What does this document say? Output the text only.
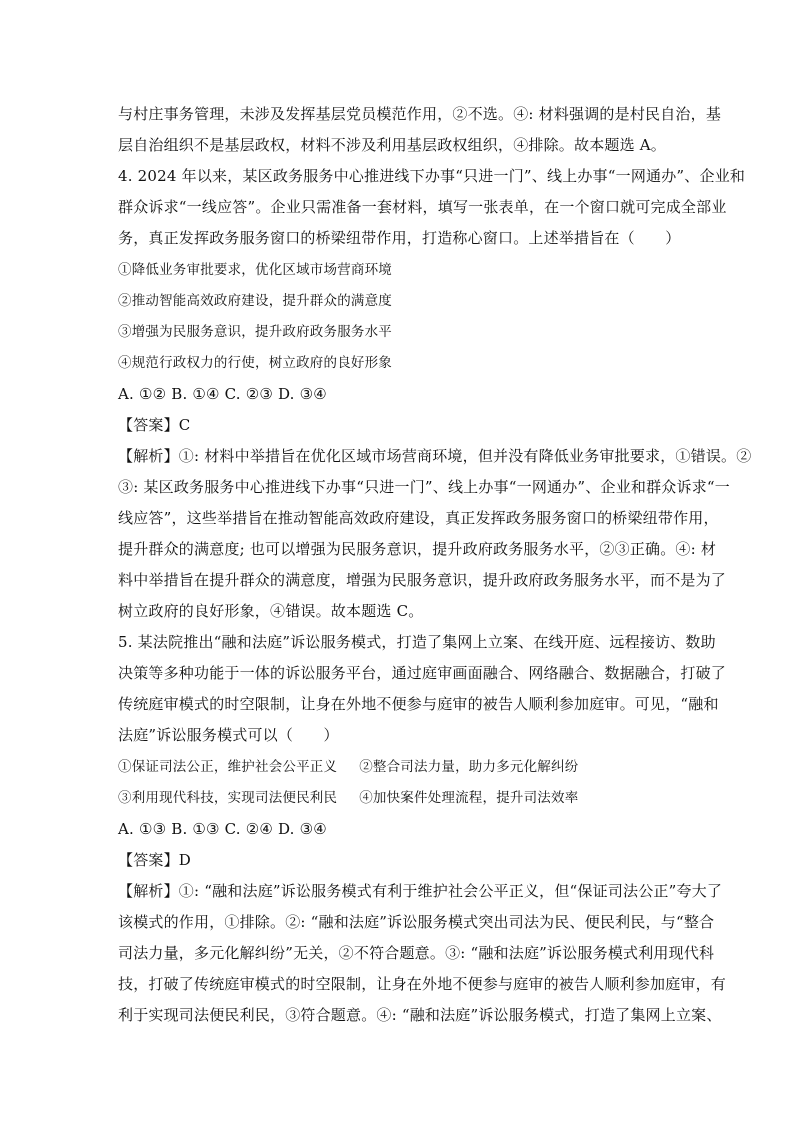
与村庄事务管理，未涉及发挥基层党员模范作用，②不选。④: 材料强调的是村民自治，基
层自治组织不是基层政权，材料不涉及利用基层政权组织，④排除。故本题选 A。
4. 2024 年以来，某区政务服务中心推进线下办事“只进一门”、线上办事“一网通办”、企业和
群众诉求“一线应答”。企业只需准备一套材料，填写一张表单，在一个窗口就可完成全部业
务，真正发挥政务服务窗口的桥梁纽带作用，打造称心窗口。上述举措旨在（　　）
①降低业务审批要求，优化区域市场营商环境
②推动智能高效政府建设，提升群众的满意度
③增强为民服务意识，提升政府政务服务水平
④规范行政权力的行使，树立政府的良好形象
A. ①② B. ①④ C. ②③ D. ③④
【答案】C
【解析】①: 材料中举措旨在优化区域市场营商环境，但并没有降低业务审批要求，①错误。②
③: 某区政务服务中心推进线下办事“只进一门”、线上办事“一网通办”、企业和群众诉求“一
线应答”，这些举措旨在推动智能高效政府建设，真正发挥政务服务窗口的桥梁纽带作用，
提升群众的满意度; 也可以增强为民服务意识，提升政府政务服务水平，②③正确。④: 材
料中举措旨在提升群众的满意度，增强为民服务意识，提升政府政务服务水平，而不是为了
树立政府的良好形象，④错误。故本题选 C。
5. 某法院推出“融和法庭”诉讼服务模式，打造了集网上立案、在线开庭、远程接访、数助
决策等多种功能于一体的诉讼服务平台，通过庭审画面融合、网络融合、数据融合，打破了
传统庭审模式的时空限制，让身在外地不便参与庭审的被告人顺利参加庭审。可见，“融和
法庭”诉讼服务模式可以（　　）
①保证司法公正，维护社会公平正义 ②整合司法力量，助力多元化解纠纷
③利用现代科技，实现司法便民利民 ④加快案件处理流程，提升司法效率
A. ①③ B. ①③ C. ②④ D. ③④
【答案】D
【解析】①: “融和法庭”诉讼服务模式有利于维护社会公平正义，但“保证司法公正”夸大了
该模式的作用，①排除。②: “融和法庭”诉讼服务模式突出司法为民、便民利民，与“整合
司法力量，多元化解纠纷”无关，②不符合题意。③: “融和法庭”诉讼服务模式利用现代科
技，打破了传统庭审模式的时空限制，让身在外地不便参与庭审的被告人顺利参加庭审，有
利于实现司法便民利民，③符合题意。④: “融和法庭”诉讼服务模式，打造了集网上立案、
